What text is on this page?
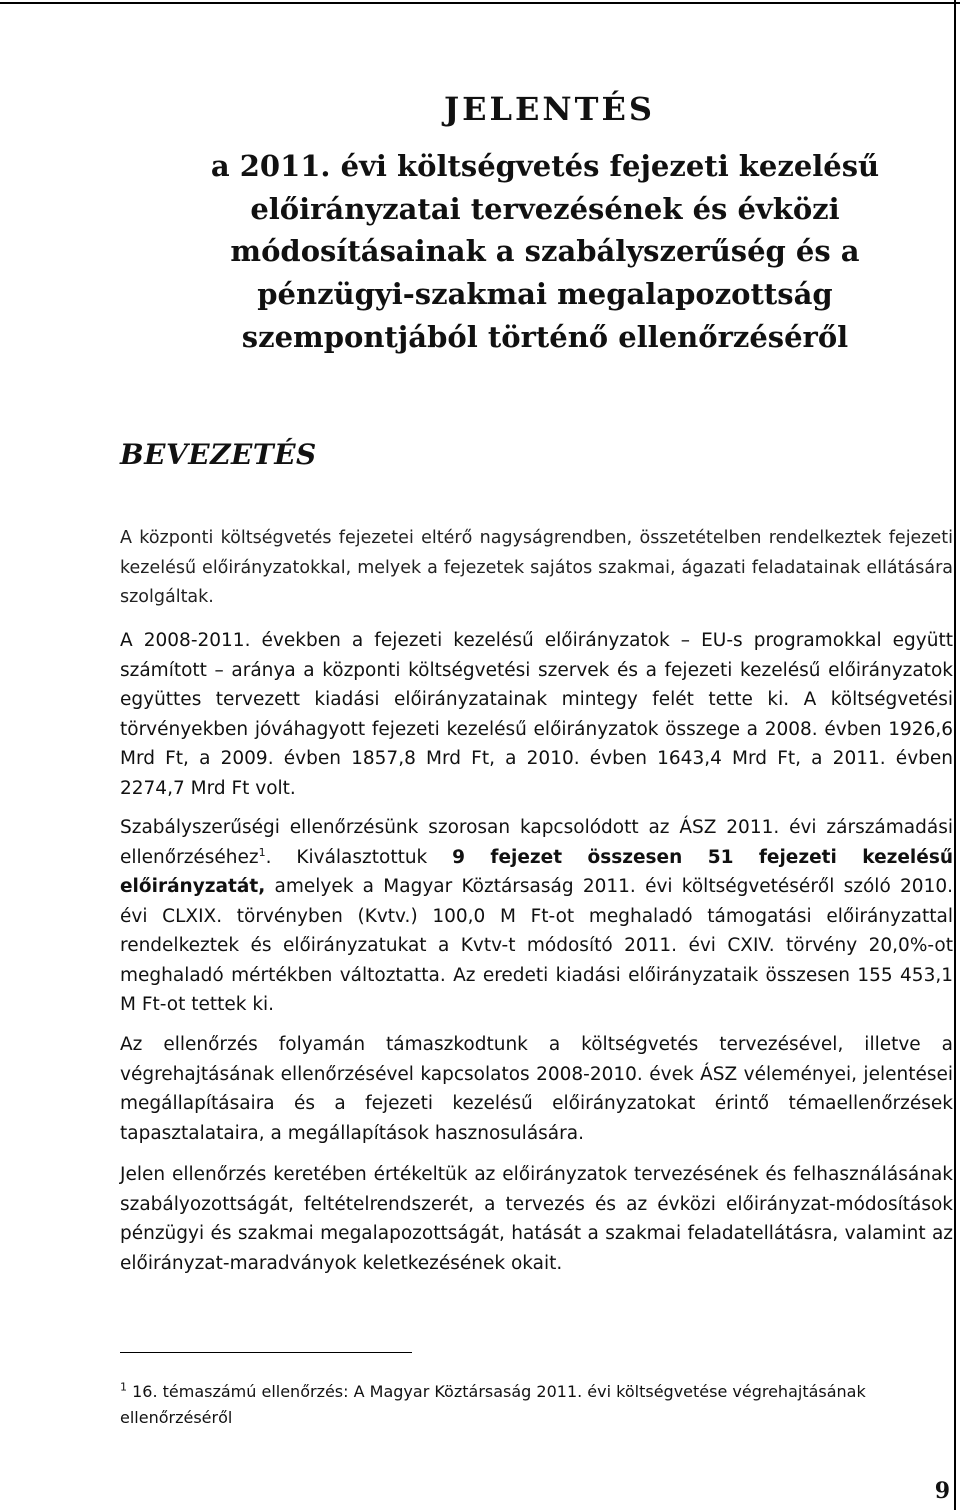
JELENTÉS
a 2011. évi költségvetés fejezeti kezelésű előirányzatai tervezésének és évközi módosításainak a szabályszerűség és a pénzügyi-szakmai megalapozottság szempontjából történő ellenőrzéséről
BEVEZETÉS

A központi költségvetés fejezetei eltérő nagyságrendben, összetételben rendelkeztek fejezeti kezelésű előirányzatokkal, melyek a fejezetek sajátos szakmai, ágazati feladatainak ellátására szolgáltak.

A 2008-2011. években a fejezeti kezelésű előirányzatok – EU-s programokkal együtt számított – aránya a központi költségvetési szervek és a fejezeti kezelésű előirányzatok együttes tervezett kiadási előirányzatainak mintegy felét tette ki. A költségvetési törvényekben jóváhagyott fejezeti kezelésű előirányzatok összege a 2008. évben 1926,6 Mrd Ft, a 2009. évben 1857,8 Mrd Ft, a 2010. évben 1643,4 Mrd Ft, a 2011. évben 2274,7 Mrd Ft volt.

Szabályszerűségi ellenőrzésünk szorosan kapcsolódott az ÁSZ 2011. évi zárszámadási ellenőrzéséhez$^1$. Kiválasztottuk 9 fejezet összesen 51 fejezeti kezelésű előirányzatát, amelyek a Magyar Köztársaság 2011. évi költségvetéséről szóló 2010. évi CLXIX. törvényben (Kvtv.) 100,0 M Ft-ot meghaladó támogatási előirányzattal rendelkeztek és előirányzatukat a Kvtv-t módosító 2011. évi CXIV. törvény 20,0%-ot meghaladó mértékben változtatta. Az eredeti kiadási előirányzataik összesen 155 453,1 M Ft-ot tettek ki.

Az ellenőrzés folyamán támaszkodtunk a költségvetés tervezésével, illetve a végrehajtásának ellenőrzésével kapcsolatos 2008-2010. évek ÁSZ véleményei, jelentései megállapításaira és a fejezeti kezelésű előirányzatokat érintő témaellenőrzések tapasztalataira, a megállapítások hasznosulására.

Jelen ellenőrzés keretében értékeltük az előirányzatok tervezésének és felhasználásának szabályozottságát, feltételrendszerét, a tervezés és az évközi előirányzat-módosítások pénzügyi és szakmai megalapozottságát, hatását a szakmai feladatellátásra, valamint az előirányzat-maradványok keletkezésének okait.

$^1$ 16. témaszámú ellenőrzés: A Magyar Köztársaság 2011. évi költségvetése végrehajtásának ellenőrzéséről

9
